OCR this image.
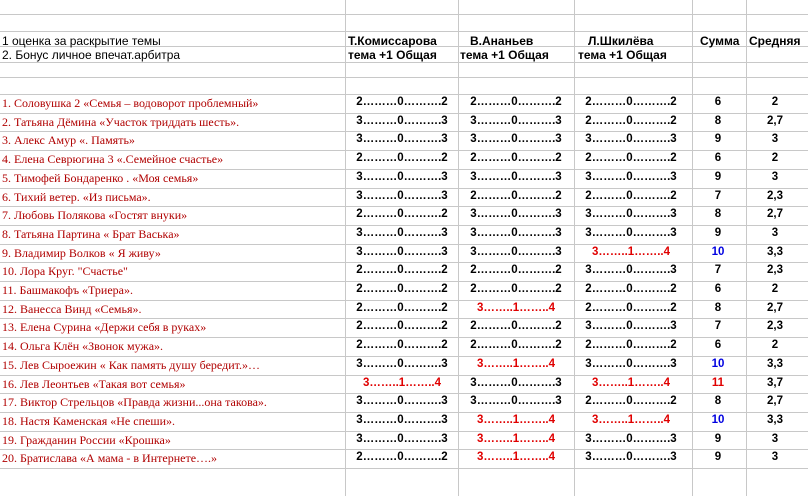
1 оценка за раскрытие темы
2. Бонус личное впечат.арбитра
Т.Комиссарова
тема +1 Общая
В.Ананьев
тема +1 Общая
Л.Шкилёва
тема +1 Общая
Сумма Средняя
1. Соловушка 2 «Семья – водоворот проблемный»	2………0……….2	2………0……….2	2………0……….2	6	2
2. Татьяна Дёмина «Участок триддать шесть».	3………0……….3	3………0……….3	2………0……….2	8	2,7
3. Алекс Амур «. Память»	3………0……….3	3………0……….3	3………0……….3	9	3
4. Елена Севрюгина 3 «.Семейное счастье»	2………0……….2	2………0……….2	2………0……….2	6	2
5. Тимофей Бондаренко . «Моя семья»	3………0……….3	3………0……….3	3………0……….3	9	3
6. Тихий ветер. «Из письма».	3………0……….3	2………0……….2	2………0……….2	7	2,3
7. Любовь Полякова «Гостят внуки»	2………0……….2	3………0……….3	3………0……….3	8	2,7
8. Татьяна Партина « Брат Васька»	3………0……….3	3………0……….3	3………0……….3	9	3
9. Владимир Волков « Я живу»	3………0……….3	3………0……….3	3……..1……..4	10	3,3
10. Лора Круг. "Счастье"	2………0……….2	2………0……….2	3………0……….3	7	2,3
11. Башмакофъ «Триера».	2………0……….2	2………0……….2	2………0……….2	6	2
12. Ванесса Винд «Семья».	2………0……….2	3……..1……..4	2………0……….2	8	2,7
13. Елена Сурина «Держи себя в руках»	2………0……….2	2………0……….2	3………0……….3	7	2,3
14. Ольга Клён «Звонок мужа».	2………0……….2	2………0……….2	2………0……….2	6	2
15. Лев Сыроежин « Как память душу бередит.»…	3………0……….3	3……..1……..4	3………0……….3	10	3,3
16. Лев Леонтьев «Такая вот семья»	3……..1……..4	3………0……….3	3……..1……..4	11	3,7
17. Виктор Стрельцов «Правда жизни...она такова».	3………0……….3	3………0……….3	2………0……….2	8	2,7
18. Настя Каменская «Не спеши».	3………0……….3	3……..1……..4	3……..1……..4	10	3,3
19. Гражданин России «Крошка»	3………0……….3	3……..1……..4	3………0……….3	9	3
20. Братислава «А мама - в Интернете….»	2………0……….2	3……..1……..4	3………0……….3	9	3
